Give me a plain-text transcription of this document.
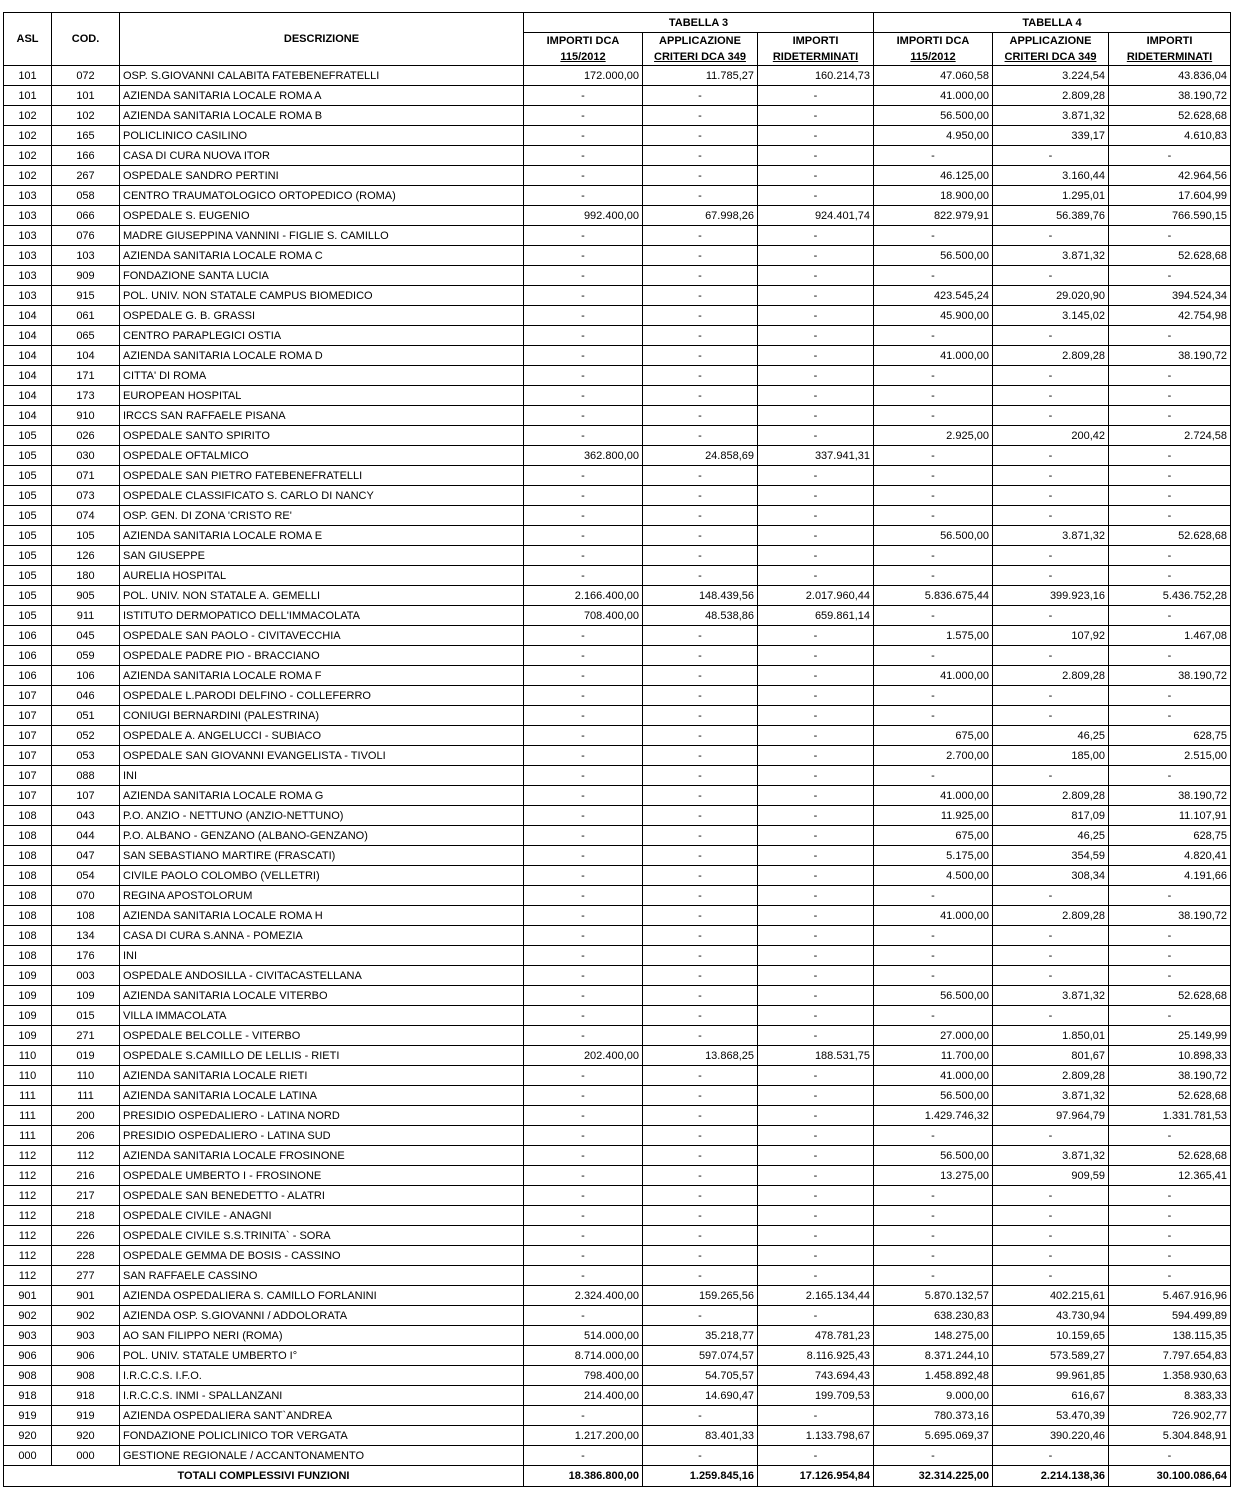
ASL	COD.	DESCRIZIONE	TABELLA 3			TABELLA 4		
			IMPORTI DCA	APPLICAZIONE	IMPORTI	IMPORTI DCA	APPLICAZIONE	IMPORTI
			115/2012	CRITERI DCA 349	RIDETERMINATI	115/2012	CRITERI DCA 349	RIDETERMINATI
101	072	OSP. S.GIOVANNI CALABITA FATEBENEFRATELLI	172.000,00	11.785,27	160.214,73	47.060,58	3.224,54	43.836,04
101	101	AZIENDA SANITARIA LOCALE ROMA A	-	-	-	41.000,00	2.809,28	38.190,72
102	102	AZIENDA SANITARIA LOCALE ROMA B	-	-	-	56.500,00	3.871,32	52.628,68
102	165	POLICLINICO CASILINO	-	-	-	4.950,00	339,17	4.610,83
102	166	CASA DI CURA NUOVA ITOR	-	-	-	-	-	-
102	267	OSPEDALE SANDRO PERTINI	-	-	-	46.125,00	3.160,44	42.964,56
103	058	CENTRO TRAUMATOLOGICO ORTOPEDICO (ROMA)	-	-	-	18.900,00	1.295,01	17.604,99
103	066	OSPEDALE S. EUGENIO	992.400,00	67.998,26	924.401,74	822.979,91	56.389,76	766.590,15
103	076	MADRE GIUSEPPINA VANNINI - FIGLIE S. CAMILLO	-	-	-	-	-	-
103	103	AZIENDA SANITARIA LOCALE ROMA C	-	-	-	56.500,00	3.871,32	52.628,68
103	909	FONDAZIONE SANTA LUCIA	-	-	-	-	-	-
103	915	POL. UNIV. NON STATALE CAMPUS BIOMEDICO	-	-	-	423.545,24	29.020,90	394.524,34
104	061	OSPEDALE G. B. GRASSI	-	-	-	45.900,00	3.145,02	42.754,98
104	065	CENTRO PARAPLEGICI OSTIA	-	-	-	-	-	-
104	104	AZIENDA SANITARIA LOCALE ROMA D	-	-	-	41.000,00	2.809,28	38.190,72
104	171	CITTA' DI ROMA	-	-	-	-	-	-
104	173	EUROPEAN HOSPITAL	-	-	-	-	-	-
104	910	IRCCS SAN RAFFAELE PISANA	-	-	-	-	-	-
105	026	OSPEDALE SANTO SPIRITO	-	-	-	2.925,00	200,42	2.724,58
105	030	OSPEDALE OFTALMICO	362.800,00	24.858,69	337.941,31	-	-	-
105	071	OSPEDALE SAN PIETRO FATEBENEFRATELLI	-	-	-	-	-	-
105	073	OSPEDALE CLASSIFICATO S. CARLO DI NANCY	-	-	-	-	-	-
105	074	OSP. GEN. DI ZONA 'CRISTO RE'	-	-	-	-	-	-
105	105	AZIENDA SANITARIA LOCALE ROMA E	-	-	-	56.500,00	3.871,32	52.628,68
105	126	SAN GIUSEPPE	-	-	-	-	-	-
105	180	AURELIA HOSPITAL	-	-	-	-	-	-
105	905	POL. UNIV. NON STATALE A. GEMELLI	2.166.400,00	148.439,56	2.017.960,44	5.836.675,44	399.923,16	5.436.752,28
105	911	ISTITUTO DERMOPATICO DELL'IMMACOLATA	708.400,00	48.538,86	659.861,14	-	-	-
106	045	OSPEDALE SAN PAOLO - CIVITAVECCHIA	-	-	-	1.575,00	107,92	1.467,08
106	059	OSPEDALE PADRE PIO - BRACCIANO	-	-	-	-	-	-
106	106	AZIENDA SANITARIA LOCALE ROMA F	-	-	-	41.000,00	2.809,28	38.190,72
107	046	OSPEDALE L.PARODI DELFINO - COLLEFERRO	-	-	-	-	-	-
107	051	CONIUGI BERNARDINI (PALESTRINA)	-	-	-	-	-	-
107	052	OSPEDALE A. ANGELUCCI - SUBIACO	-	-	-	675,00	46,25	628,75
107	053	OSPEDALE SAN GIOVANNI EVANGELISTA - TIVOLI	-	-	-	2.700,00	185,00	2.515,00
107	088	INI	-	-	-	-	-	-
107	107	AZIENDA SANITARIA LOCALE ROMA G	-	-	-	41.000,00	2.809,28	38.190,72
108	043	P.O. ANZIO - NETTUNO (ANZIO-NETTUNO)	-	-	-	11.925,00	817,09	11.107,91
108	044	P.O. ALBANO - GENZANO (ALBANO-GENZANO)	-	-	-	675,00	46,25	628,75
108	047	SAN SEBASTIANO MARTIRE (FRASCATI)	-	-	-	5.175,00	354,59	4.820,41
108	054	CIVILE PAOLO COLOMBO (VELLETRI)	-	-	-	4.500,00	308,34	4.191,66
108	070	REGINA APOSTOLORUM	-	-	-	-	-	-
108	108	AZIENDA SANITARIA LOCALE ROMA H	-	-	-	41.000,00	2.809,28	38.190,72
108	134	CASA DI CURA S.ANNA - POMEZIA	-	-	-	-	-	-
108	176	INI	-	-	-	-	-	-
109	003	OSPEDALE ANDOSILLA - CIVITACASTELLANA	-	-	-	-	-	-
109	109	AZIENDA SANITARIA LOCALE VITERBO	-	-	-	56.500,00	3.871,32	52.628,68
109	015	VILLA IMMACOLATA	-	-	-	-	-	-
109	271	OSPEDALE BELCOLLE - VITERBO	-	-	-	27.000,00	1.850,01	25.149,99
110	019	OSPEDALE S.CAMILLO DE LELLIS - RIETI	202.400,00	13.868,25	188.531,75	11.700,00	801,67	10.898,33
110	110	AZIENDA SANITARIA LOCALE RIETI	-	-	-	41.000,00	2.809,28	38.190,72
111	111	AZIENDA SANITARIA LOCALE LATINA	-	-	-	56.500,00	3.871,32	52.628,68
111	200	PRESIDIO OSPEDALIERO - LATINA NORD	-	-	-	1.429.746,32	97.964,79	1.331.781,53
111	206	PRESIDIO OSPEDALIERO - LATINA SUD	-	-	-	-	-	-
112	112	AZIENDA SANITARIA LOCALE FROSINONE	-	-	-	56.500,00	3.871,32	52.628,68
112	216	OSPEDALE UMBERTO I - FROSINONE	-	-	-	13.275,00	909,59	12.365,41
112	217	OSPEDALE SAN BENEDETTO - ALATRI	-	-	-	-	-	-
112	218	OSPEDALE CIVILE - ANAGNI	-	-	-	-	-	-
112	226	OSPEDALE CIVILE S.S.TRINITA` - SORA	-	-	-	-	-	-
112	228	OSPEDALE GEMMA DE BOSIS - CASSINO	-	-	-	-	-	-
112	277	SAN RAFFAELE CASSINO	-	-	-	-	-	-
901	901	AZIENDA OSPEDALIERA S. CAMILLO FORLANINI	2.324.400,00	159.265,56	2.165.134,44	5.870.132,57	402.215,61	5.467.916,96
902	902	AZIENDA OSP. S.GIOVANNI / ADDOLORATA	-	-	-	638.230,83	43.730,94	594.499,89
903	903	AO SAN FILIPPO NERI (ROMA)	514.000,00	35.218,77	478.781,23	148.275,00	10.159,65	138.115,35
906	906	POL. UNIV. STATALE UMBERTO I°	8.714.000,00	597.074,57	8.116.925,43	8.371.244,10	573.589,27	7.797.654,83
908	908	I.R.C.C.S. I.F.O.	798.400,00	54.705,57	743.694,43	1.458.892,48	99.961,85	1.358.930,63
918	918	I.R.C.C.S. INMI - SPALLANZANI	214.400,00	14.690,47	199.709,53	9.000,00	616,67	8.383,33
919	919	AZIENDA OSPEDALIERA SANT`ANDREA	-	-	-	780.373,16	53.470,39	726.902,77
920	920	FONDAZIONE POLICLINICO TOR VERGATA	1.217.200,00	83.401,33	1.133.798,67	5.695.069,37	390.220,46	5.304.848,91
000	000	GESTIONE REGIONALE / ACCANTONAMENTO	-	-	-	-	-	-
TOTALI COMPLESSIVI FUNZIONI			18.386.800,00	1.259.845,16	17.126.954,84	32.314.225,00	2.214.138,36	30.100.086,64
